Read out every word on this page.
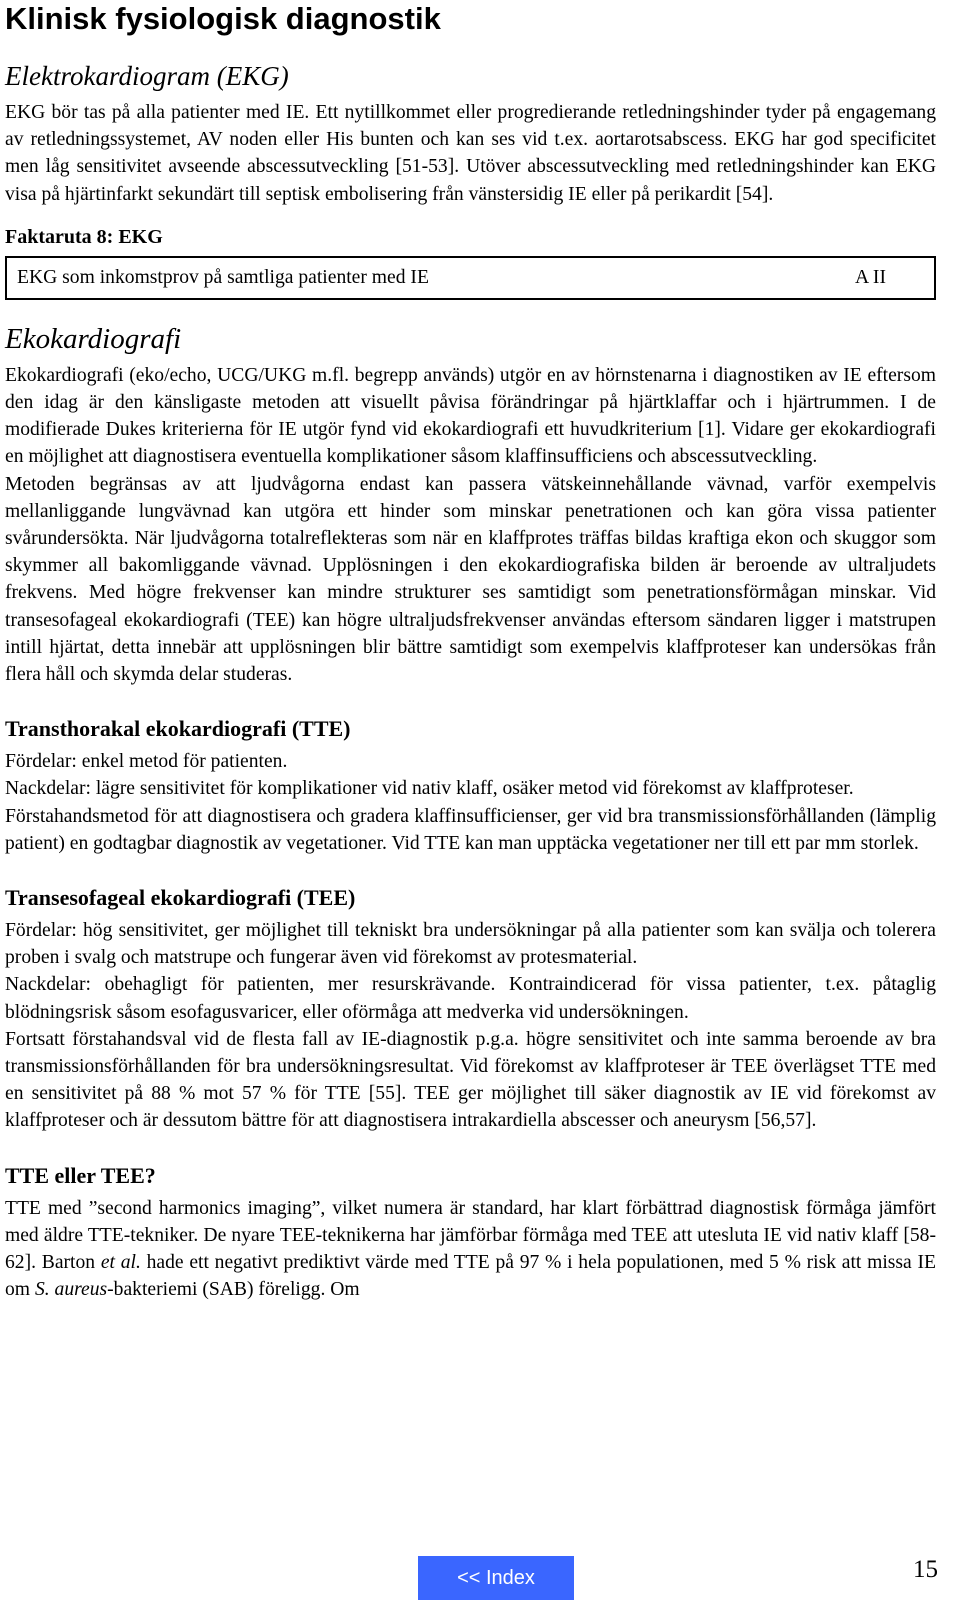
Klinisk fysiologisk diagnostik
Elektrokardiogram (EKG)

EKG bör tas på alla patienter med IE. Ett nytillkommet eller progredierande retledningshinder tyder på engagemang av retledningssystemet, AV noden eller His bunten och kan ses vid t.ex. aortarotsabscess. EKG har god specificitet men låg sensitivitet avseende abscessutveckling [51-53]. Utöver abscessutveckling med retledningshinder kan EKG visa på hjärtinfarkt sekundärt till septisk embolisering från vänstersidig IE eller på perikardit [54].

Faktaruta 8: EKG
EKG som inkomstprov på samtliga patienter med IE	A II
Ekokardiografi

Ekokardiografi (eko/echo, UCG/UKG m.fl. begrepp används) utgör en av hörnstenarna i diagnostiken av IE eftersom den idag är den känsligaste metoden att visuellt påvisa förändringar på hjärtklaffar och i hjärtrummen. I de modifierade Dukes kriterierna för IE utgör fynd vid ekokardiografi ett huvudkriterium [1]. Vidare ger ekokardiografi en möjlighet att diagnostisera eventuella komplikationer såsom klaffinsufficiens och abscessutveckling.

Metoden begränsas av att ljudvågorna endast kan passera vätskeinnehållande vävnad, varför exempelvis mellanliggande lungvävnad kan utgöra ett hinder som minskar penetrationen och kan göra vissa patienter svårundersökta. När ljudvågorna totalreflekteras som när en klaffprotes träffas bildas kraftiga ekon och skuggor som skymmer all bakomliggande vävnad. Upplösningen i den ekokardiografiska bilden är beroende av ultraljudets frekvens. Med högre frekvenser kan mindre strukturer ses samtidigt som penetrationsförmågan minskar. Vid transesofageal ekokardiografi (TEE) kan högre ultraljudsfrekvenser användas eftersom sändaren ligger i matstrupen intill hjärtat, detta innebär att upplösningen blir bättre samtidigt som exempelvis klaffproteser kan undersökas från flera håll och skymda delar studeras.

Transthorakal ekokardiografi (TTE)

Fördelar: enkel metod för patienten.

Nackdelar: lägre sensitivitet för komplikationer vid nativ klaff, osäker metod vid förekomst av klaffproteser.

Förstahandsmetod för att diagnostisera och gradera klaffinsufficienser, ger vid bra transmissionsförhållanden (lämplig patient) en godtagbar diagnostik av vegetationer. Vid TTE kan man upptäcka vegetationer ner till ett par mm storlek.

Transesofageal ekokardiografi (TEE)

Fördelar: hög sensitivitet, ger möjlighet till tekniskt bra undersökningar på alla patienter som kan svälja och tolerera proben i svalg och matstrupe och fungerar även vid förekomst av protesmaterial.

Nackdelar: obehagligt för patienten, mer resurskrävande. Kontraindicerad för vissa patienter, t.ex. påtaglig blödningsrisk såsom esofagusvaricer, eller oförmåga att medverka vid undersökningen.

Fortsatt förstahandsval vid de flesta fall av IE-diagnostik p.g.a. högre sensitivitet och inte samma beroende av bra transmissionsförhållanden för bra undersökningsresultat. Vid förekomst av klaffproteser är TEE överlägset TTE med en sensitivitet på 88 % mot 57 % för TTE [55]. TEE ger möjlighet till säker diagnostik av IE vid förekomst av klaffproteser och är dessutom bättre för att diagnostisera intrakardiella abscesser och aneurysm [56,57].

TTE eller TEE?

TTE med ”second harmonics imaging”, vilket numera är standard, har klart förbättrad diagnostisk förmåga jämfört med äldre TTE-tekniker. De nyare TEE-teknikerna har jämförbar förmåga med TEE att utesluta IE vid nativ klaff [58-62]. Barton et al. hade ett negativt prediktivt värde med TTE på 97 % i hela populationen, med 5 % risk att missa IE om S. aureus-bakteriemi (SAB) föreligg. Om

<< Index	15
